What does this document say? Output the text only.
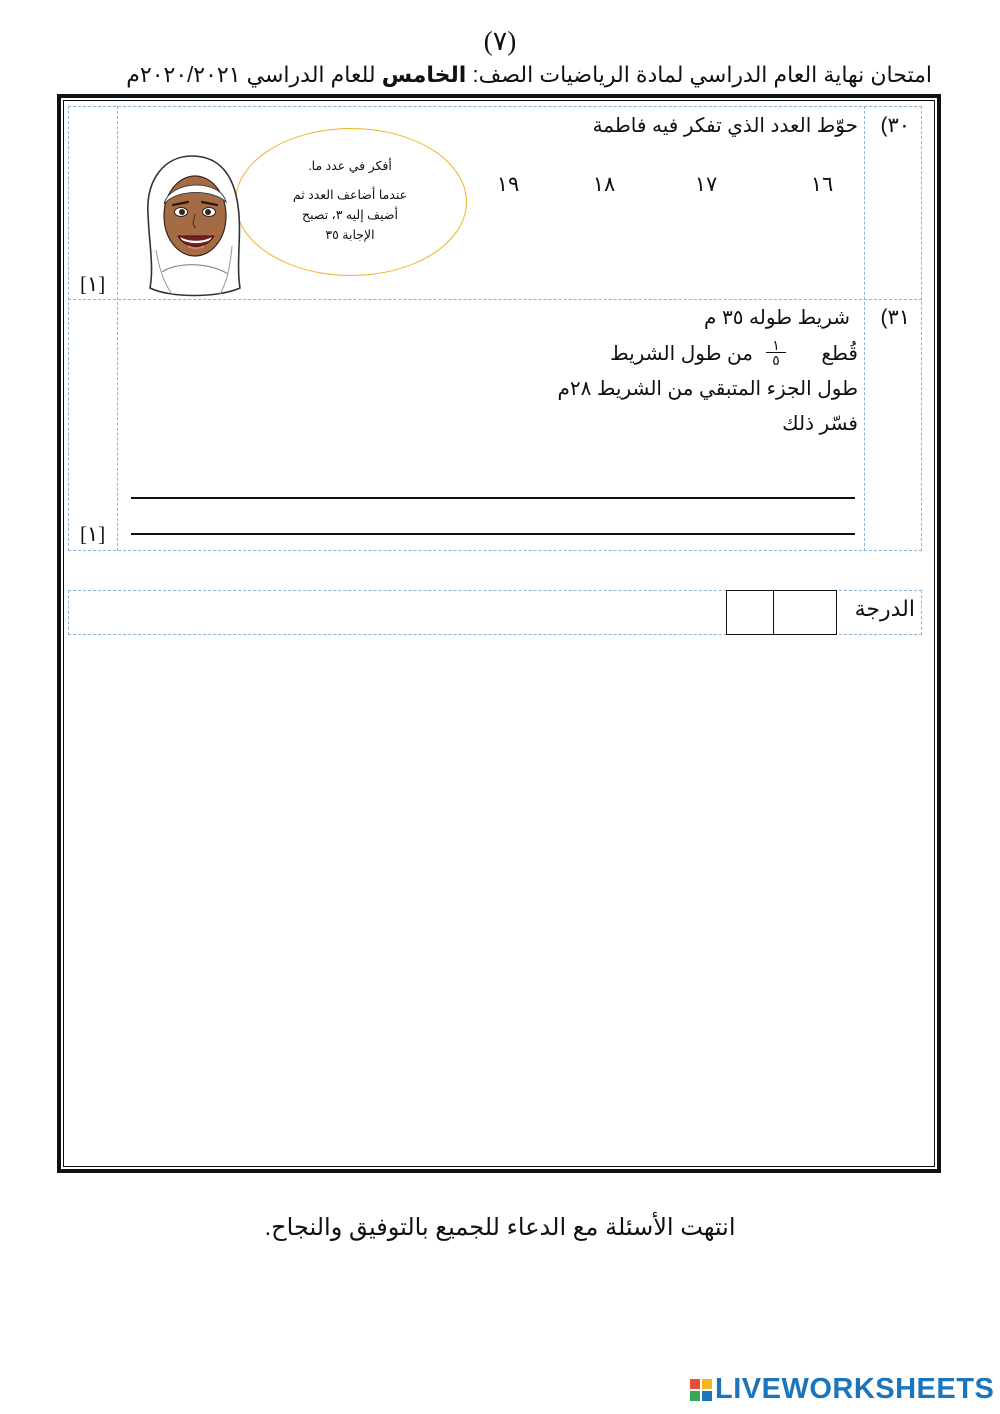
(٧)
امتحان نهاية العام الدراسي لمادة الرياضيات الصف: الخامس للعام الدراسي ٢٠٢٠/٢٠٢١م
٣٠)
حوّط العدد الذي تفكر فيه فاطمة
١٦
١٧
١٨
١٩
أفكر في عدد ما.
عندما أضاعف العدد ثم
أضيف إليه ٣، تصبح
الإجابة ٣٥
[١]
٣١)
شريط طوله ٣٥ م
قُطع
١
٥
من طول الشريط
طول الجزء المتبقي من الشريط ٢٨م
فسّر ذلك
[١]
الدرجة
انتهت الأسئلة مع الدعاء للجميع بالتوفيق والنجاح.
LIVEWORKSHEETS
